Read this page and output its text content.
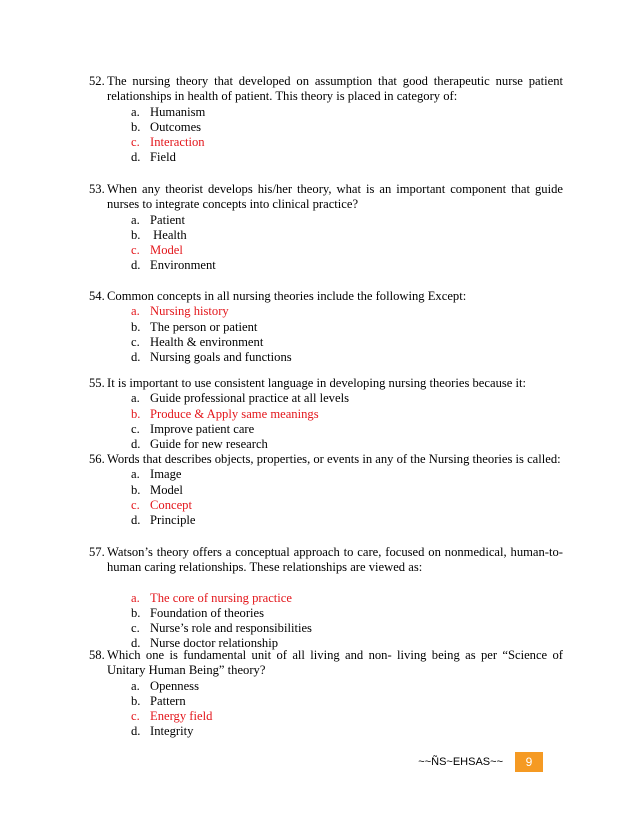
52. The nursing theory that developed on assumption that good therapeutic nurse patient relationships in health of patient. This theory is placed in category of:
a. Humanism
b. Outcomes
c. Interaction
d. Field
53. When any theorist develops his/her theory, what is an important component that guide nurses to integrate concepts into clinical practice?
a. Patient
b. Health
c. Model
d. Environment
54. Common concepts in all nursing theories include the following Except:
a. Nursing history
b. The person or patient
c. Health & environment
d. Nursing goals and functions
55. It is important to use consistent language in developing nursing theories because it:
a. Guide professional practice at all levels
b. Produce & Apply same meanings
c. Improve patient care
d. Guide for new research
56. Words that describes objects, properties, or events in any of the Nursing theories is called:
a. Image
b. Model
c. Concept
d. Principle
57. Watson’s theory offers a conceptual approach to care, focused on nonmedical, human-to-human caring relationships. These relationships are viewed as:
a. The core of nursing practice
b. Foundation of theories
c. Nurse’s role and responsibilities
d. Nurse doctor relationship
58. Which one is fundamental unit of all living and non- living being as per “Science of Unitary Human Being” theory?
a. Openness
b. Pattern
c. Energy field
d. Integrity
~~ÑS~EHSAS~~	9
